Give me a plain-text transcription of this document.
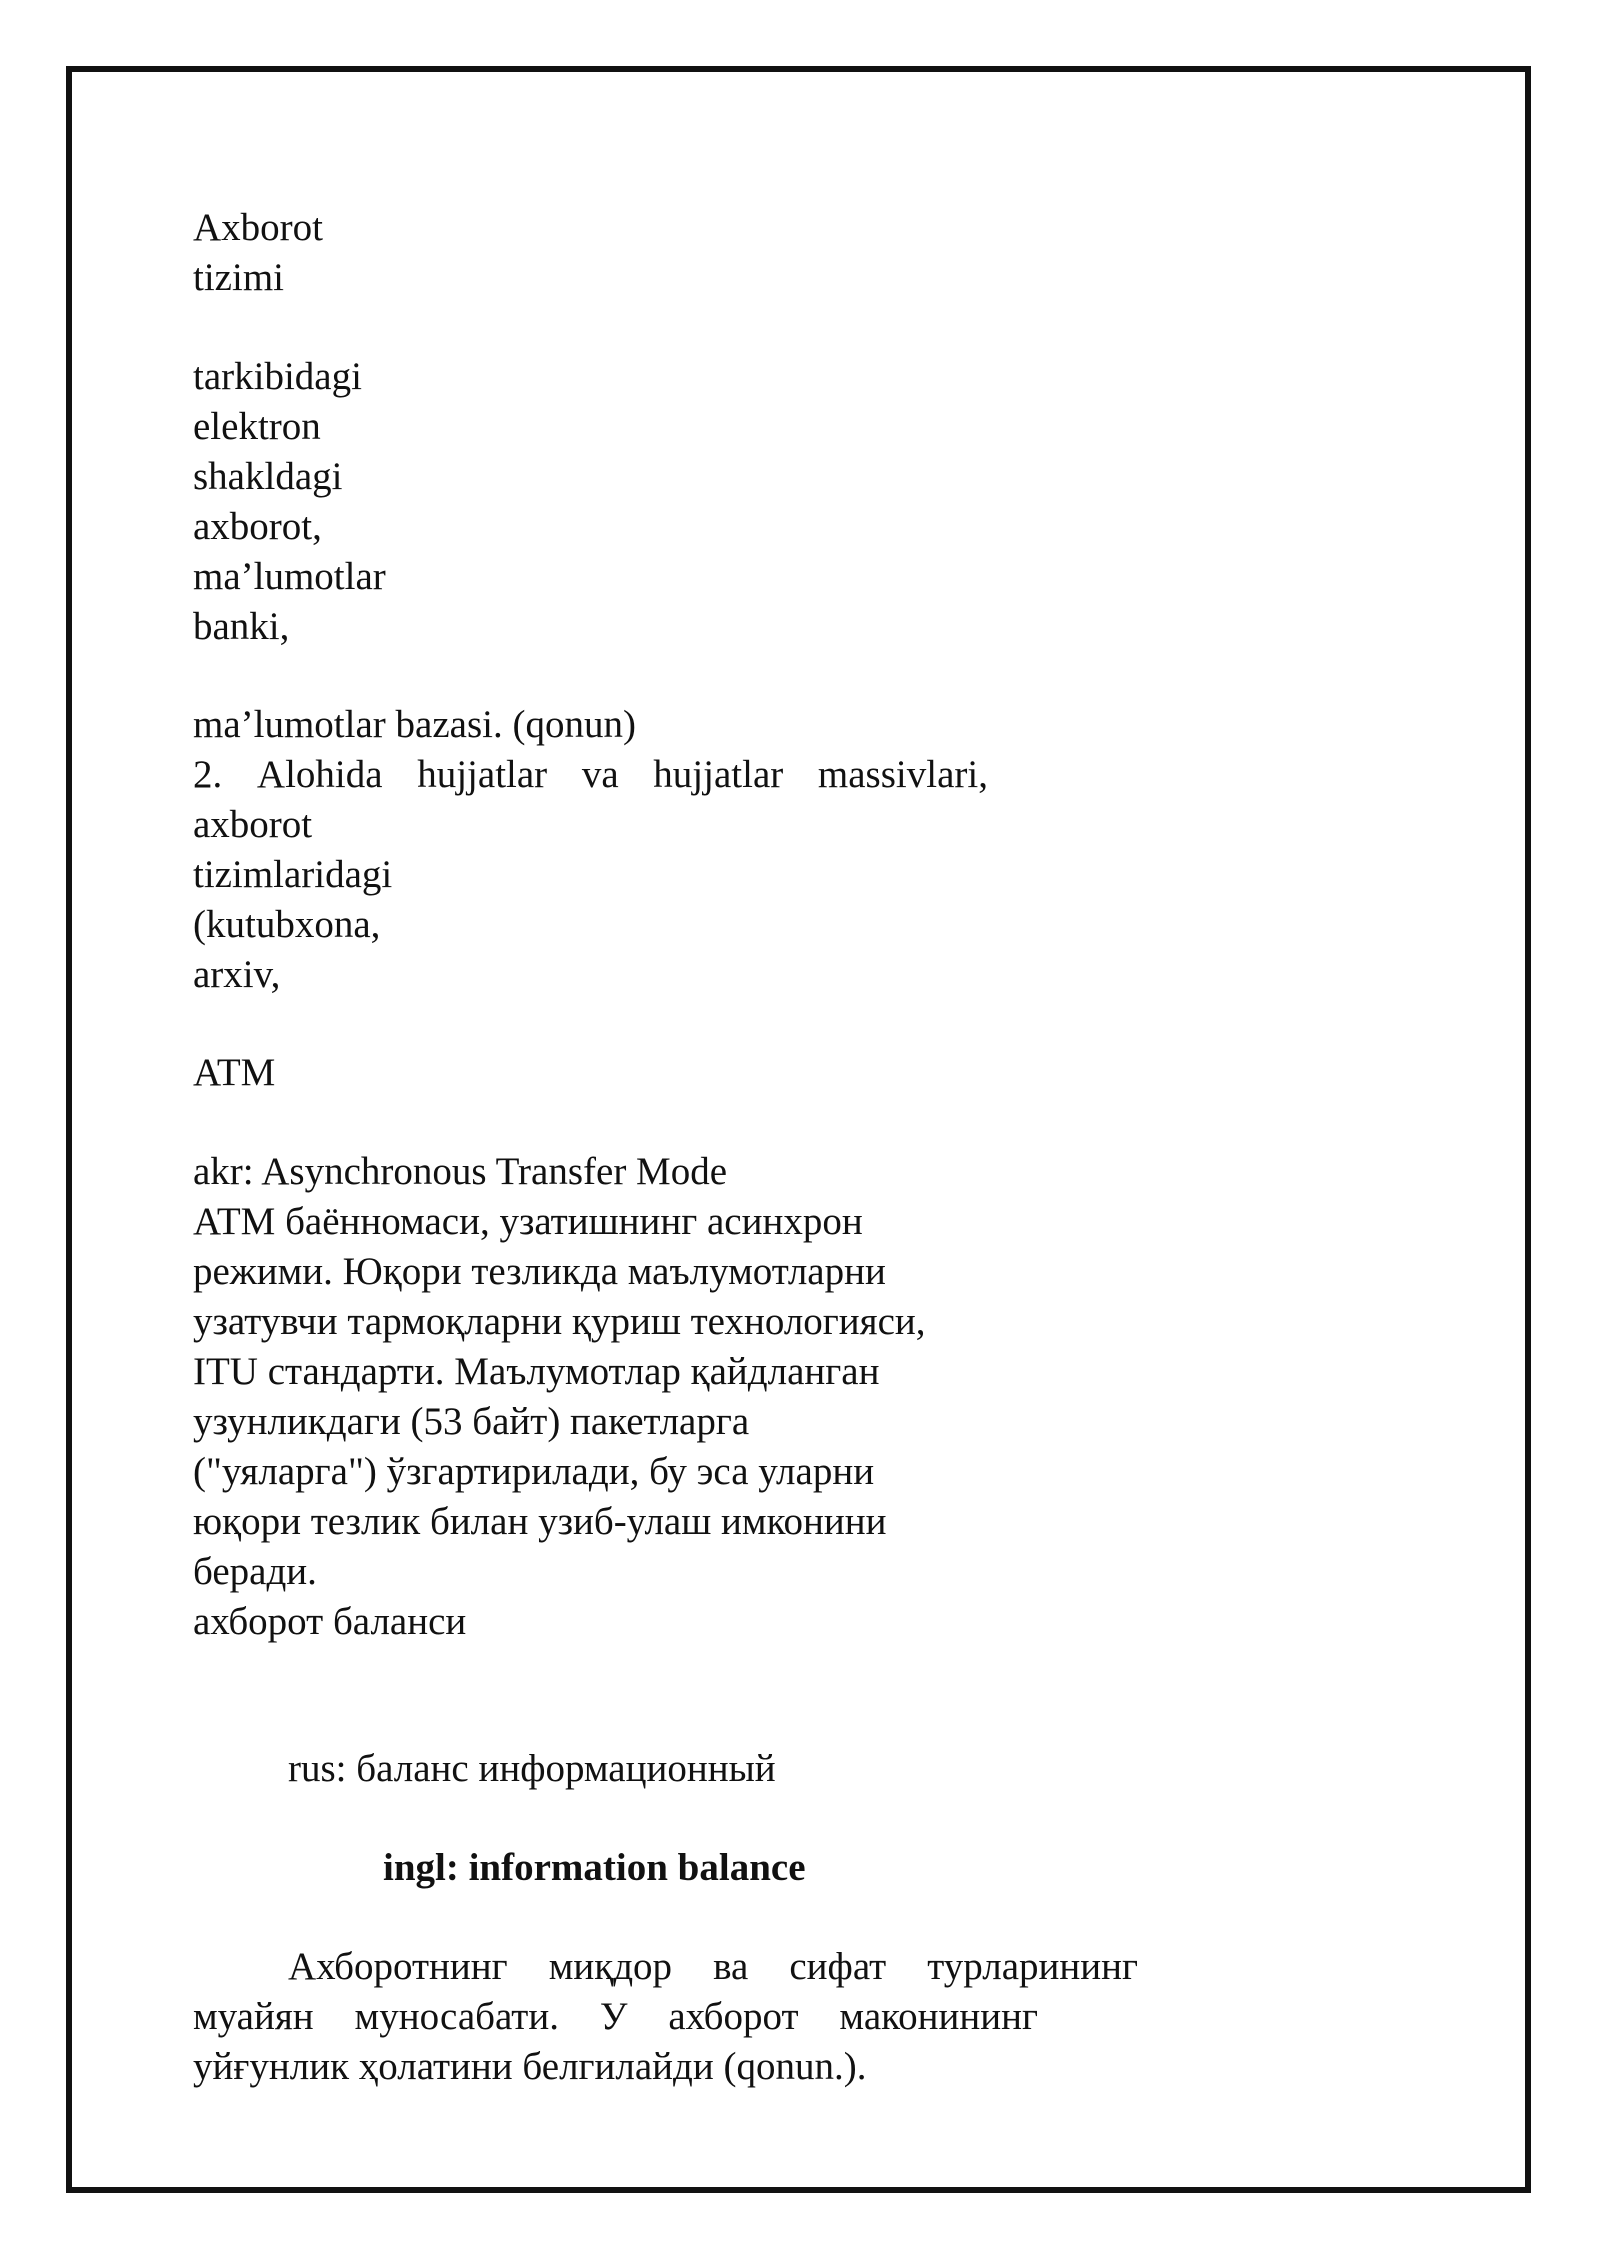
Axborot

tizimi

tarkibidagi

elektron

shakldagi

axborot,

ma’lumotlar

banki,

ma’lumotlar bazasi. (qonun)

2. Alohida hujjatlar va hujjatlar massivlari,

axborot

tizimlaridagi

(kutubxona,

arxiv,

ATM

akr: Asynchronous Transfer Mode

ATM баённомаси, узатишнинг асинхрон

режими. Юқори тезликда маълумотларни

узатувчи тармоқларни қуриш технологияси,

ITU стандарти. Маълумотлар қайдланган

узунликдаги (53 байт) пакетларга

("уяларга") ўзгартирилади, бу эса уларни

юқори тезлик билан узиб-улаш имконини

беради.

ахборот баланси

rus: баланс информационный

ingl: information balance

Ахборотнинг миқдор ва сифат турларининг
муайян муносабати. У ахборот маконининг

уйғунлик ҳолатини белгилайди (qonun.).
